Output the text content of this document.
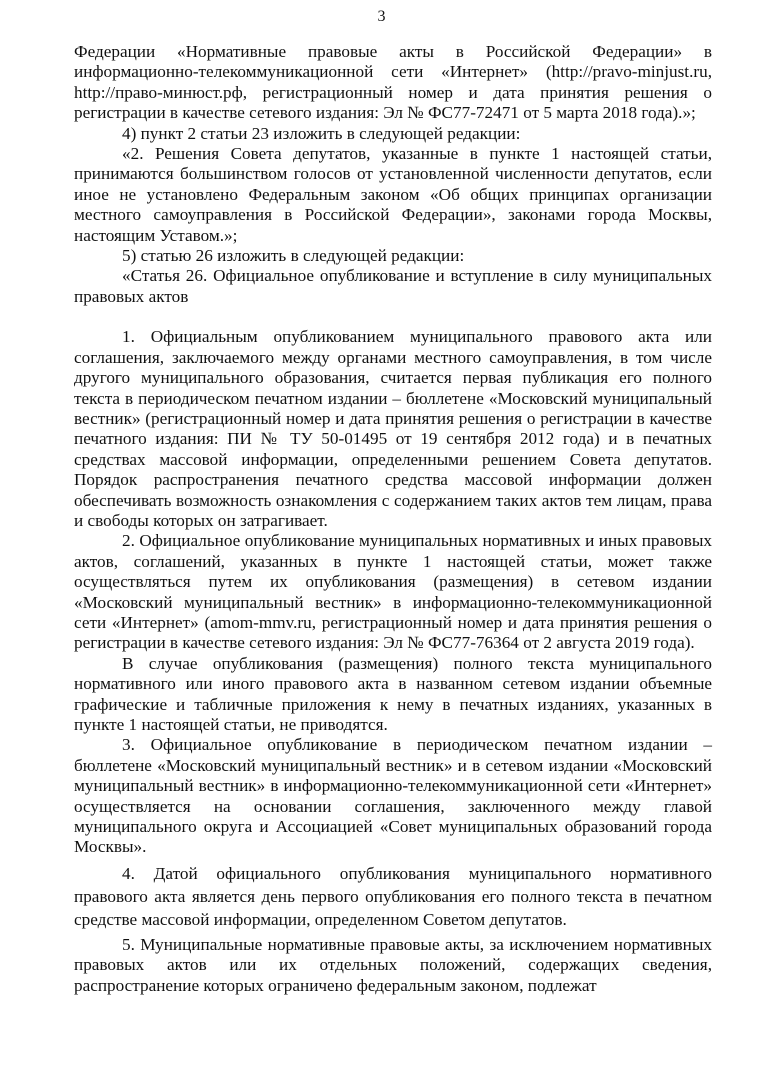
3

Федерации «Нормативные правовые акты в Российской Федерации» в информационно-телекоммуникационной сети «Интернет» (http://pravo-minjust.ru, http://право-минюст.рф, регистрационный номер и дата принятия решения о регистрации в качестве сетевого издания: Эл № ФС77-72471 от 5 марта 2018 года).»;

4) пункт 2 статьи 23 изложить в следующей редакции:

«2. Решения Совета депутатов, указанные в пункте 1 настоящей статьи, принимаются большинством голосов от установленной численности депутатов, если иное не установлено Федеральным законом «Об общих принципах организации местного самоуправления в Российской Федерации», законами города Москвы, настоящим Уставом.»;

5) статью 26 изложить в следующей редакции:

«Статья 26. Официальное опубликование и вступление в силу муниципальных правовых актов

1. Официальным опубликованием муниципального правового акта или соглашения, заключаемого между органами местного самоуправления, в том числе другого муниципального образования, считается первая публикация его полного текста в периодическом печатном издании – бюллетене «Московский муниципальный вестник» (регистрационный номер и дата принятия решения о регистрации в качестве печатного издания: ПИ № ТУ 50-01495 от 19 сентября 2012 года) и в печатных средствах массовой информации, определенными решением Совета депутатов. Порядок распространения печатного средства массовой информации должен обеспечивать возможность ознакомления с содержанием таких актов тем лицам, права и свободы которых он затрагивает.

2. Официальное опубликование муниципальных нормативных и иных правовых актов, соглашений, указанных в пункте 1 настоящей статьи, может также осуществляться путем их опубликования (размещения) в сетевом издании «Московский муниципальный вестник» в информационно-телекоммуникационной сети «Интернет» (amom-mmv.ru, регистрационный номер и дата принятия решения о регистрации в качестве сетевого издания: Эл № ФС77-76364 от 2 августа 2019 года).

В случае опубликования (размещения) полного текста муниципального нормативного или иного правового акта в названном сетевом издании объемные графические и табличные приложения к нему в печатных изданиях, указанных в пункте 1 настоящей статьи, не приводятся.

3. Официальное опубликование в периодическом печатном издании – бюллетене «Московский муниципальный вестник» и в сетевом издании «Московский муниципальный вестник» в информационно-телекоммуникационной сети «Интернет» осуществляется на основании соглашения, заключенного между главой муниципального округа и Ассоциацией «Совет муниципальных образований города Москвы».

4. Датой официального опубликования муниципального нормативного правового акта является день первого опубликования его полного текста в печатном средстве массовой информации, определенном Советом депутатов.

5. Муниципальные нормативные правовые акты, за исключением нормативных правовых актов или их отдельных положений, содержащих сведения, распространение которых ограничено федеральным законом, подлежат
